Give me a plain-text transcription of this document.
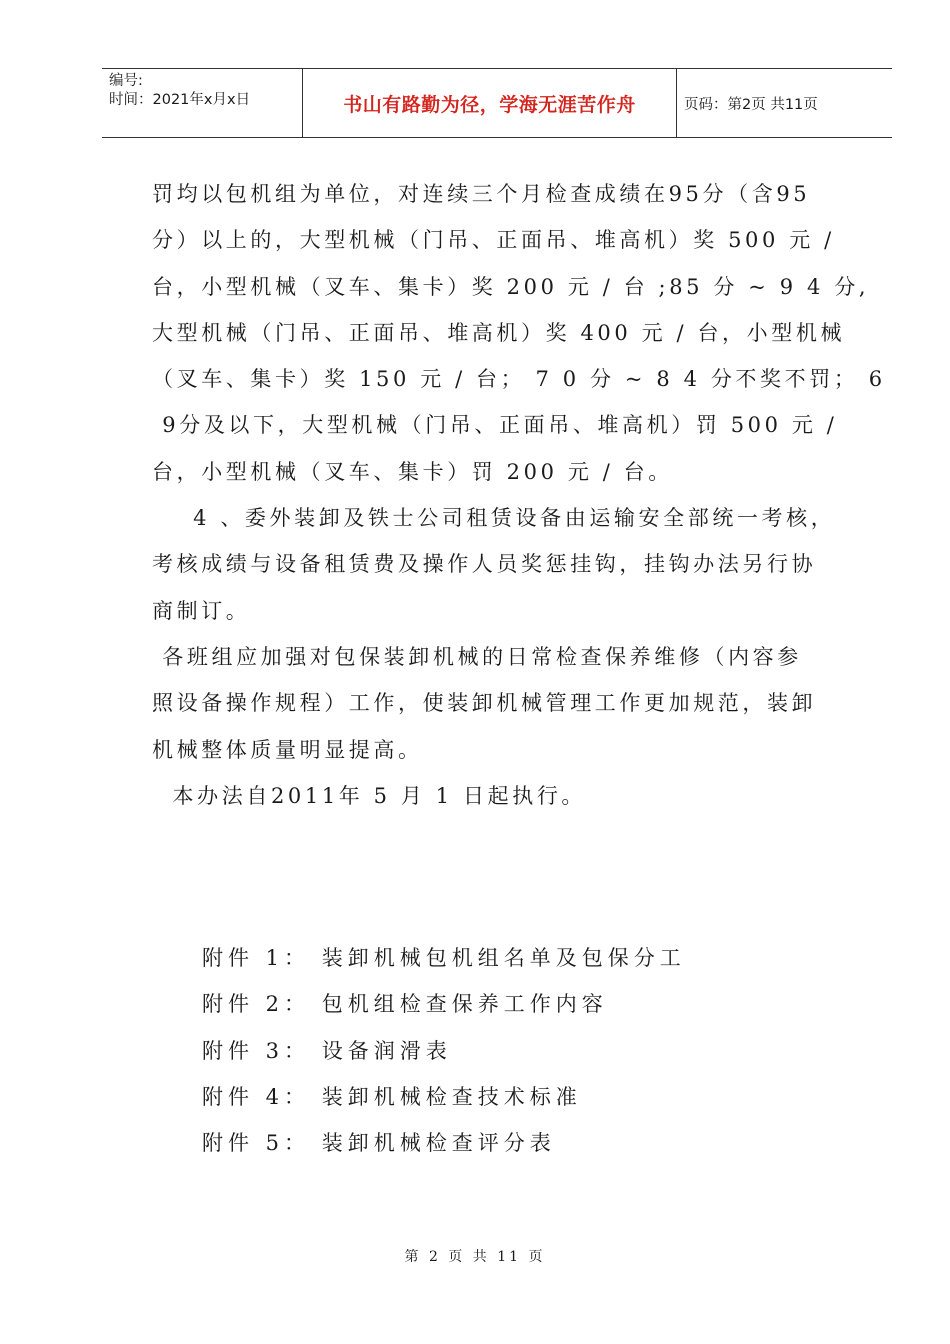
编号:
时间：2021年x月x日	书山有路勤为径，学海无涯苦作舟	页码：第2页 共11页
罚均以包机组为单位，对连续三个月检查成绩在95分（含95
分）以上的，大型机械（门吊、正面吊、堆高机）奖 500 元 /
台，小型机械（叉车、集卡）奖 200 元 / 台 ;85 分 ~ 9 4 分,
大型机械（门吊、正面吊、堆高机）奖 400 元 / 台，小型机械
（叉车、集卡）奖 150 元 / 台； 7 0 分 ~ 8 4 分不奖不罚； 6
9分及以下，大型机械（门吊、正面吊、堆高机）罚 500 元 /
台，小型机械（叉车、集卡）罚 200 元 / 台。
4 、委外装卸及铁士公司租赁设备由运输安全部统一考核，
考核成绩与设备租赁费及操作人员奖惩挂钩，挂钩办法另行协
商制订。
各班组应加强对包保装卸机械的日常检查保养维修（内容参
照设备操作规程）工作，使装卸机械管理工作更加规范，装卸
机械整体质量明显提高。
本办法自2011年 5 月 1 日起执行。
附件 1： 装卸机械包机组名单及包保分工
附件 2： 包机组检查保养工作内容
附件 3： 设备润滑表
附件 4： 装卸机械检查技术标准
附件 5： 装卸机械检查评分表
第 2 页 共 11 页
